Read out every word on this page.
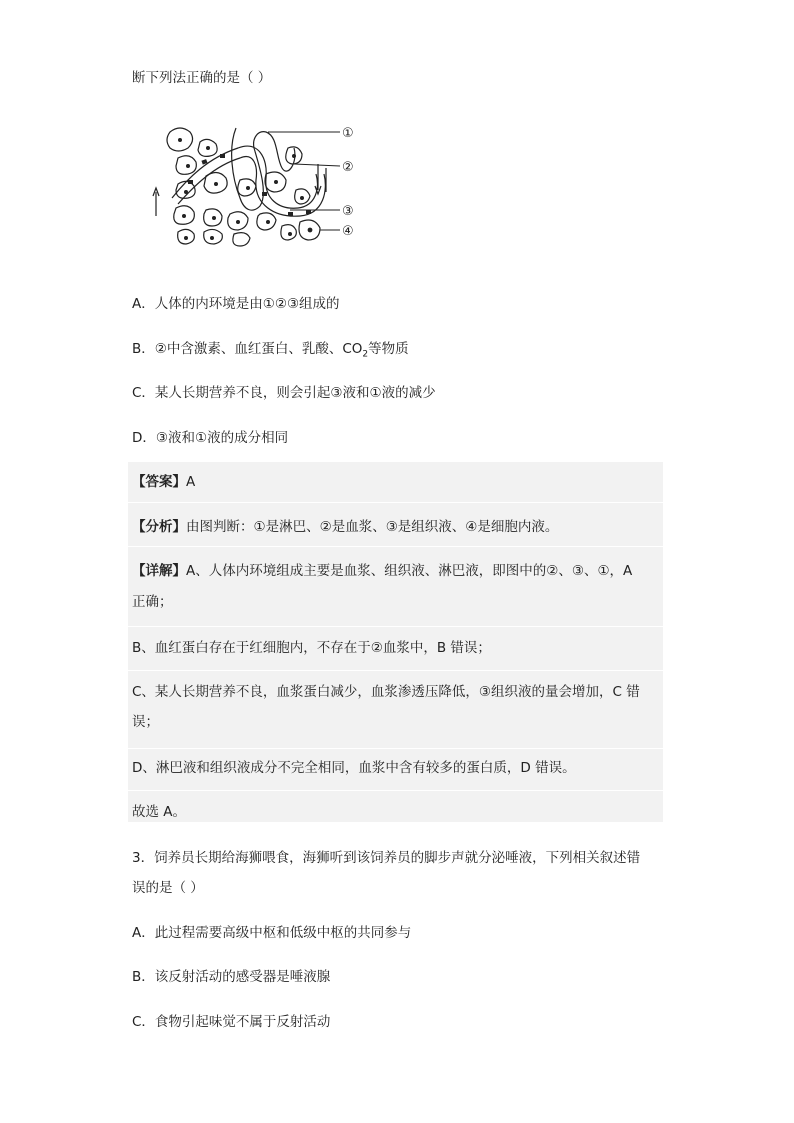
断下列法正确的是（ ）
①
②
③
④
A．人体的内环境是由①②③组成的
B．②中含激素、血红蛋白、乳酸、$CO_2$等物质
C．某人长期营养不良，则会引起③液和①液的减少
D．③液和①液的成分相同
【答案】A
【分析】由图判断：①是淋巴、②是血浆、③是组织液、④是细胞内液。
【详解】A、人体内环境组成主要是血浆、组织液、淋巴液，即图中的②、③、①，A
正确；
B、血红蛋白存在于红细胞内，不存在于②血浆中，B 错误；
C、某人长期营养不良，血浆蛋白减少，血浆渗透压降低，③组织液的量会增加，C 错
误；
D、淋巴液和组织液成分不完全相同，血浆中含有较多的蛋白质，D 错误。
故选 A。
3．饲养员长期给海狮喂食，海狮听到该饲养员的脚步声就分泌唾液，下列相关叙述错
误的是（ ）
A．此过程需要高级中枢和低级中枢的共同参与
B．该反射活动的感受器是唾液腺
C．食物引起味觉不属于反射活动
